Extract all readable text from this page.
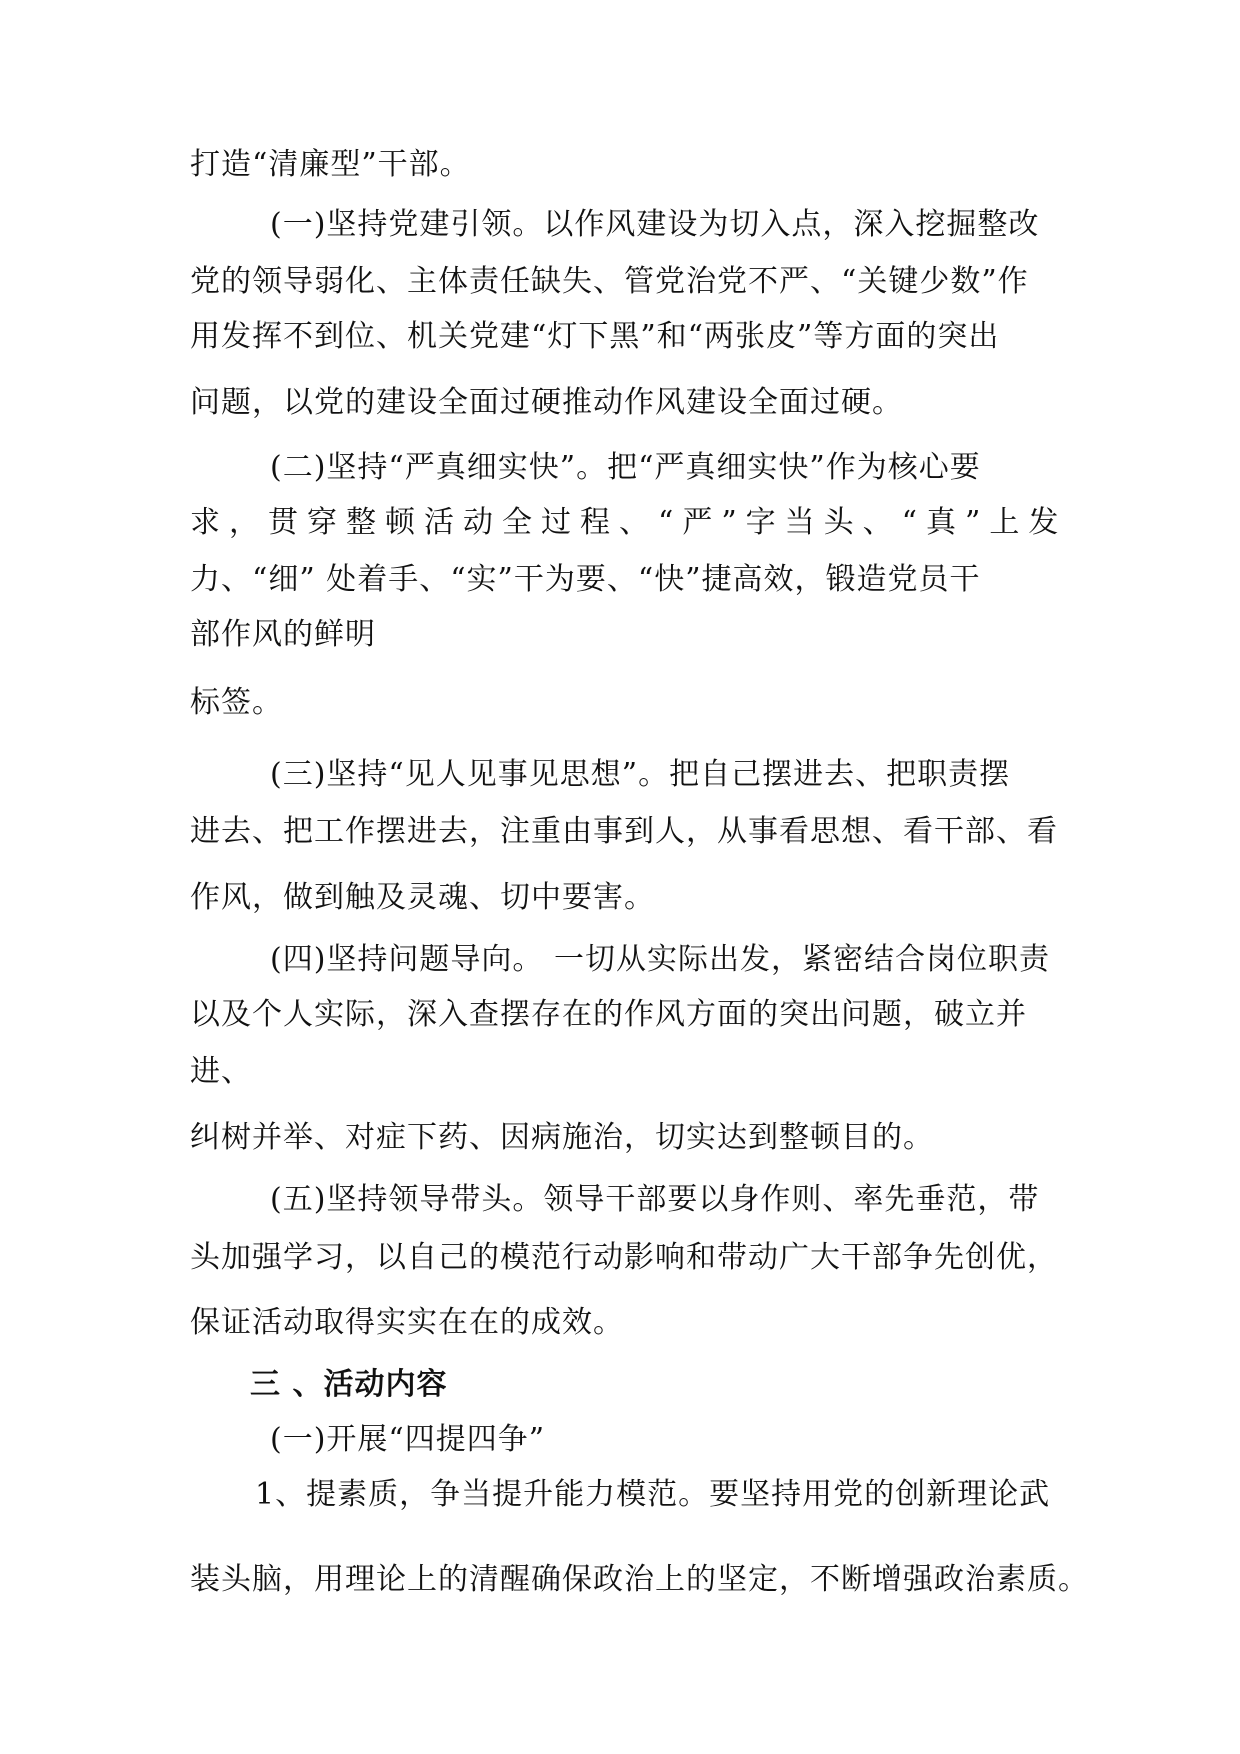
打造“清廉型”干部。
(一)坚持党建引领。以作风建设为切入点，深入挖掘整改
党的领导弱化、主体责任缺失、管党治党不严、“关键少数”作
用发挥不到位、机关党建“灯下黑”和“两张皮”等方面的突出
问题，以党的建设全面过硬推动作风建设全面过硬。
(二)坚持“严真细实快”。把“严真细实快”作为核心要
求，贯穿整顿活动全过程、“严”字当头、“真”上发
力、“细” 处着手、“实”干为要、“快”捷高效，锻造党员干
部作风的鲜明
标签。
(三)坚持“见人见事见思想”。把自己摆进去、把职责摆
进去、把工作摆进去，注重由事到人，从事看思想、看干部、看
作风，做到触及灵魂、切中要害。
(四)坚持问题导向。 一切从实际出发，紧密结合岗位职责
以及个人实际，深入查摆存在的作风方面的突出问题，破立并
进、
纠树并举、对症下药、因病施治，切实达到整顿目的。
(五)坚持领导带头。领导干部要以身作则、率先垂范，带
头加强学习，以自己的模范行动影响和带动广大干部争先创优，
保证活动取得实实在在的成效。
三 、活动内容
(一)开展“四提四争”
1、提素质，争当提升能力模范。要坚持用党的创新理论武
装头脑，用理论上的清醒确保政治上的坚定，不断增强政治素质。
